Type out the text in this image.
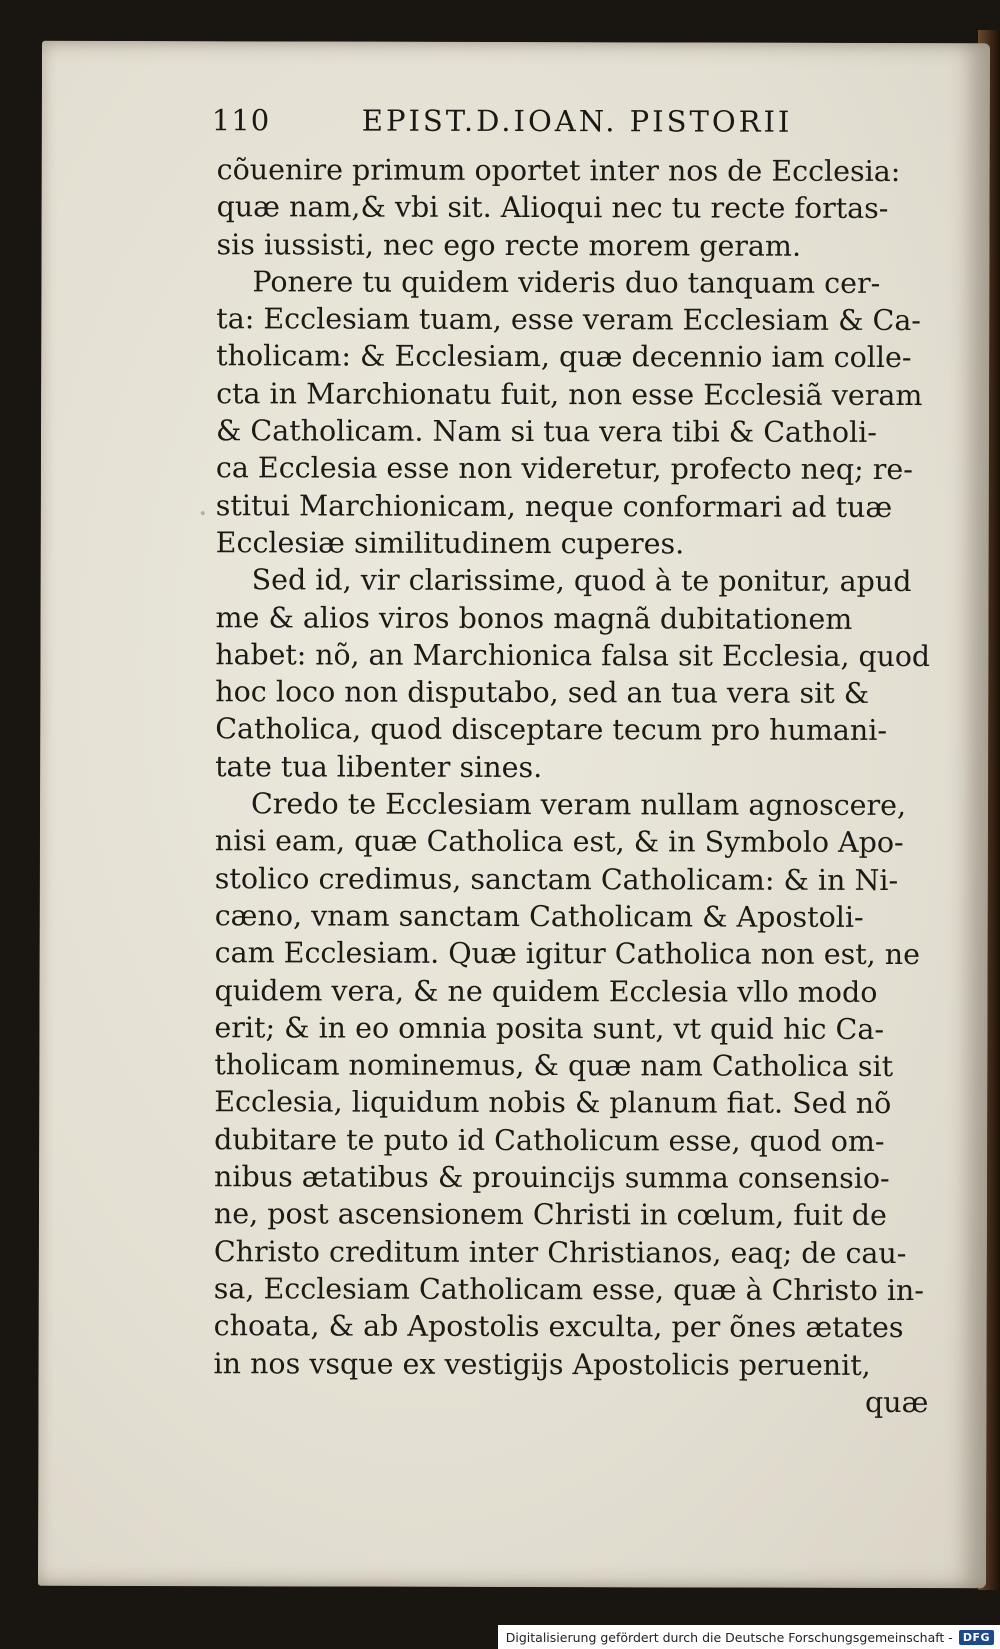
110	EPIST.D.IOAN. PISTORII
cõuenire primum oportet inter nos de Ecclesia:
quæ nam,& vbi sit. Alioqui nec tu recte fortas-
sis iussisti, nec ego recte morem geram.
Ponere tu quidem videris duo tanquam cer-
ta: Ecclesiam tuam, esse veram Ecclesiam & Ca-
tholicam: & Ecclesiam, quæ decennio iam colle-
cta in Marchionatu fuit, non esse Ecclesiã veram
& Catholicam. Nam si tua vera tibi & Catholi-
ca Ecclesia esse non videretur, profecto neq; re-
stitui Marchionicam, neque conformari ad tuæ
Ecclesiæ similitudinem cuperes.
Sed id, vir clarissime, quod à te ponitur, apud
me & alios viros bonos magnã dubitationem
habet: nõ, an Marchionica falsa sit Ecclesia, quod
hoc loco non disputabo, sed an tua vera sit &
Catholica, quod disceptare tecum pro humani-
tate tua libenter sines.
Credo te Ecclesiam veram nullam agnoscere,
nisi eam, quæ Catholica est, & in Symbolo Apo-
stolico credimus, sanctam Catholicam: & in Ni-
cæno, vnam sanctam Catholicam & Apostoli-
cam Ecclesiam. Quæ igitur Catholica non est, ne
quidem vera, & ne quidem Ecclesia vllo modo
erit; & in eo omnia posita sunt, vt quid hic Ca-
tholicam nominemus, & quæ nam Catholica sit
Ecclesia, liquidum nobis & planum fiat. Sed nõ
dubitare te puto id Catholicum esse, quod om-
nibus ætatibus & prouincijs summa consensio-
ne, post ascensionem Christi in cœlum, fuit de
Christo creditum inter Christianos, eaq; de cau-
sa, Ecclesiam Catholicam esse, quæ à Christo in-
choata, & ab Apostolis exculta, per õnes ætates
in nos vsque ex vestigijs Apostolicis peruenit,
quæ
Digitalisierung gefördert durch die Deutsche Forschungsgemeinschaft - DFG
